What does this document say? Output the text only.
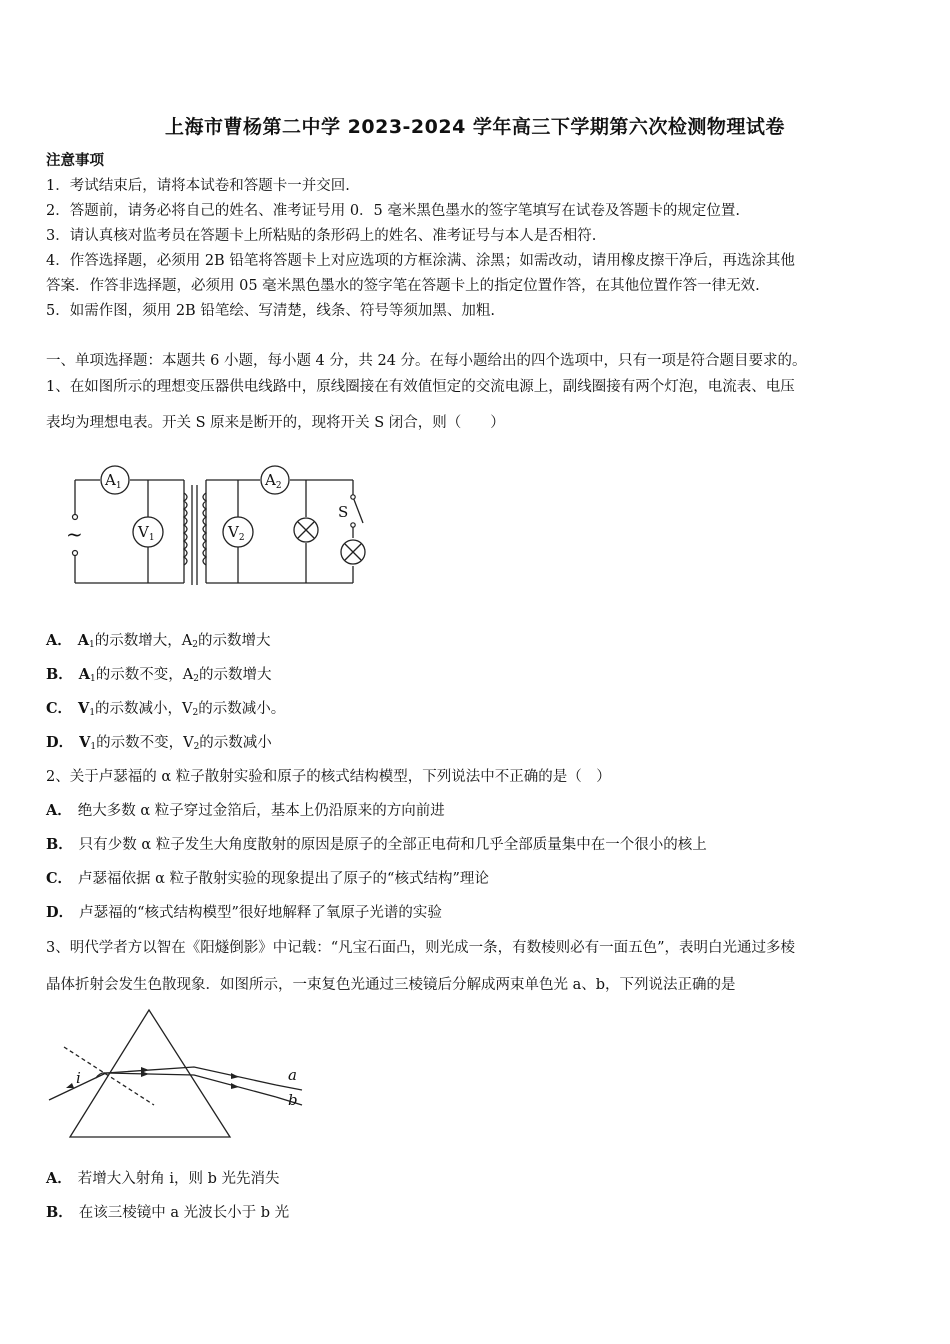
上海市曹杨第二中学 2023-2024 学年高三下学期第六次检测物理试卷
注意事项
1．考试结束后，请将本试卷和答题卡一并交回.
2．答题前，请务必将自己的姓名、准考证号用 0．5 毫米黑色墨水的签字笔填写在试卷及答题卡的规定位置.
3．请认真核对监考员在答题卡上所粘贴的条形码上的姓名、准考证号与本人是否相符.
4．作答选择题，必须用 2B 铅笔将答题卡上对应选项的方框涂满、涂黑；如需改动，请用橡皮擦干净后，再选涂其他
答案．作答非选择题，必须用 05 毫米黑色墨水的签字笔在答题卡上的指定位置作答，在其他位置作答一律无效.
5．如需作图，须用 2B 铅笔绘、写清楚，线条、符号等须加黑、加粗.
一、单项选择题：本题共 6 小题，每小题 4 分，共 24 分。在每小题给出的四个选项中，只有一项是符合题目要求的。
1、在如图所示的理想变压器供电线路中，原线圈接在有效值恒定的交流电源上，副线圈接有两个灯泡，电流表、电压
表均为理想电表。开关 S 原来是断开的，现将开关 S 闭合，则（　　）
$A_1$
$V_1$
$A_2$
$V_2$
S
~
A． $A_1$的示数增大，$A_2$的示数增大
B． $A_1$的示数不变，$A_2$的示数增大
C． $V_1$的示数减小，$V_2$的示数减小。
D． $V_1$的示数不变，$V_2$的示数减小
2、关于卢瑟福的 α 粒子散射实验和原子的核式结构模型，下列说法中不正确的是（　）
A． 绝大多数 α 粒子穿过金箔后，基本上仍沿原来的方向前进
B． 只有少数 α 粒子发生大角度散射的原因是原子的全部正电荷和几乎全部质量集中在一个很小的核上
C． 卢瑟福依据 α 粒子散射实验的现象提出了原子的“核式结构”理论
D． 卢瑟福的“核式结构模型”很好地解释了氧原子光谱的实验
3、明代学者方以智在《阳燧倒影》中记载：“凡宝石面凸，则光成一条，有数棱则必有一面五色”，表明白光通过多棱
晶体折射会发生色散现象．如图所示，一束复色光通过三棱镜后分解成两束单色光 a、b，下列说法正确的是
i	a
b
A． 若增大入射角 i，则 b 光先消失
B． 在该三棱镜中 a 光波长小于 b 光
